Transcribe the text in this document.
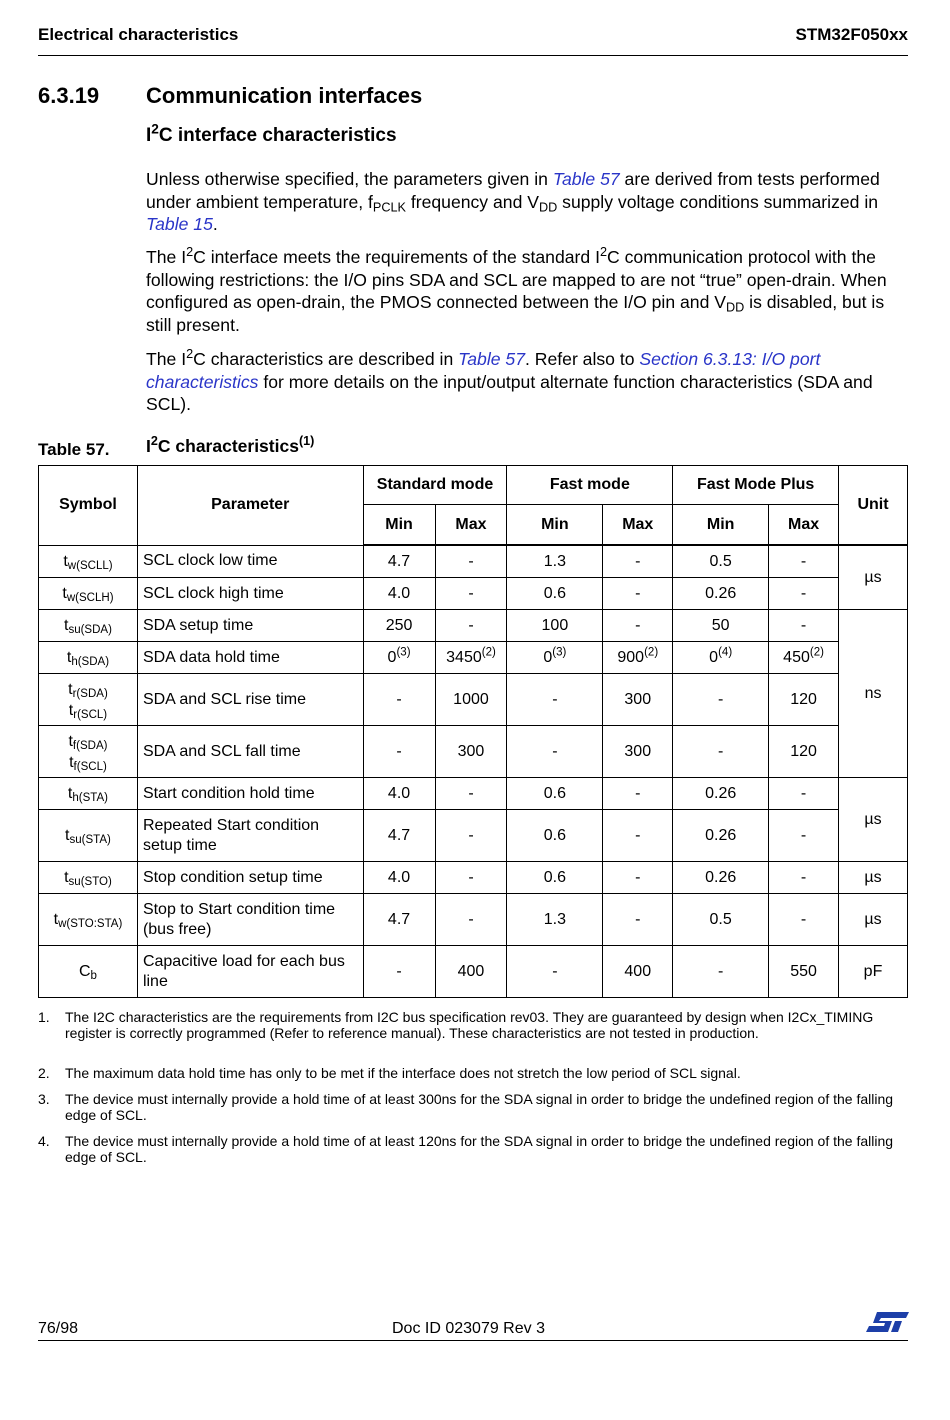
Electrical characteristics	STM32F050xx
6.3.19 Communication interfaces
$I^2C$ interface characteristics
Unless otherwise specified, the parameters given in Table 57 are derived from tests performed under ambient temperature, $f_{PCLK}$ frequency and $V_{DD}$ supply voltage conditions summarized in Table 15.
The $I^2C$ interface meets the requirements of the standard $I^2C$ communication protocol with the following restrictions: the I/O pins SDA and SCL are mapped to are not “true” open-drain. When configured as open-drain, the PMOS connected between the I/O pin and $V_{DD}$ is disabled, but is still present.
The $I^2C$ characteristics are described in Table 57. Refer also to Section 6.3.13: I/O port characteristics for more details on the input/output alternate function characteristics (SDA and SCL).
Table 57. $I^2C$ characteristics$^{(1)}$
Symbol	Parameter	Standard mode		Fast mode		Fast Mode Plus		Unit
		Min	Max	Min	Max	Min	Max	
$t_{w(SCLL)}$	SCL clock low time	4.7	-	1.3	-	0.5	-	µs
$t_{w(SCLH)}$	SCL clock high time	4.0	-	0.6	-	0.26	-	
$t_{su(SDA)}$	SDA setup time	250	-	100	-	50	-	ns
$t_{h(SDA)}$	SDA data hold time	0$^{(3)}$	3450$^{(2)}$	0$^{(3)}$	900$^{(2)}$	0$^{(4)}$	450$^{(2)}$
$t_{r(SDA)}$
$t_{r(SCL)}$	SDA and SCL rise time	-	1000	-	300	-	120	
$t_{f(SDA)}$
$t_{f(SCL)}$	SDA and SCL fall time	-	300	-	300	-	120	
$t_{h(STA)}$	Start condition hold time	4.0	-	0.6	-	0.26	-	µs
$t_{su(STA)}$	Repeated Start condition setup time	4.7	-	0.6	-	0.26	-	
$t_{su(STO)}$	Stop condition setup time	4.0	-	0.6	-	0.26	-	µs
$t_{w(STO:STA)}$	Stop to Start condition time (bus free)	4.7	-	1.3	-	0.5	-	µs
$C_b$	Capacitive load for each bus line	-	400	-	400	-	550	pF
1. The I2C characteristics are the requirements from I2C bus specification rev03. They are guaranteed by design when I2Cx_TIMING register is correctly programmed (Refer to reference manual). These characteristics are not tested in production.
2. The maximum data hold time has only to be met if the interface does not stretch the low period of SCL signal.
3. The device must internally provide a hold time of at least 300ns for the SDA signal in order to bridge the undefined region of the falling edge of SCL.
4. The device must internally provide a hold time of at least 120ns for the SDA signal in order to bridge the undefined region of the falling edge of SCL.
76/98	Doc ID 023079 Rev 3
